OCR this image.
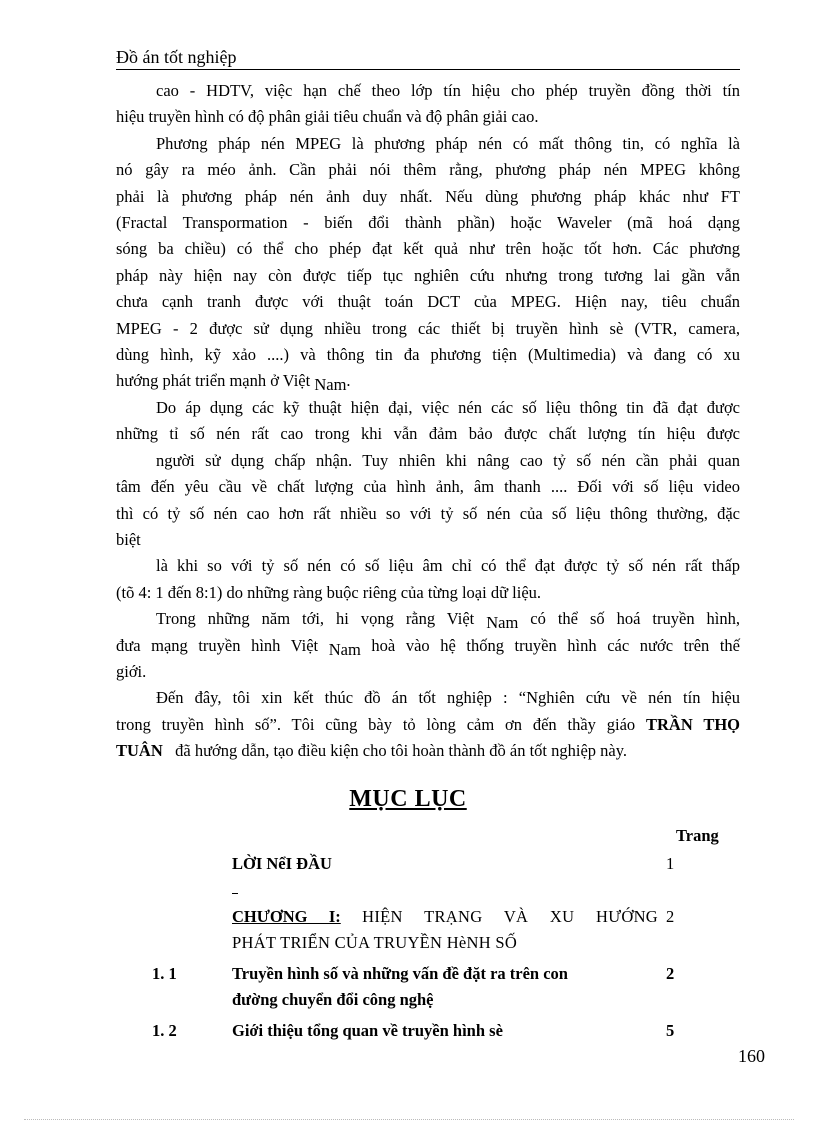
Đồ án tốt nghiệp
cao - HDTV, việc hạn chế theo lớp tín hiệu cho phép truyền đồng thời tín
hiệu truyền hình có độ phân giải tiêu chuẩn và độ phân giải cao.
Phương pháp nén MPEG là phương pháp nén có mất thông tin, có nghĩa là
nó gây ra méo ảnh. Cần phải nói thêm rằng, phương pháp nén MPEG không
phải là phương pháp nén ảnh duy nhất. Nếu dùng phương pháp khác như FT
(Fractal Transpormation - biến đổi thành phần) hoặc Waveler (mã hoá dạng
sóng ba chiều) có thể cho phép đạt kết quả như trên hoặc tốt hơn. Các phương
pháp này hiện nay còn được tiếp tục nghiên cứu nhưng trong tương lai gần vẫn
chưa cạnh tranh được với thuật toán DCT của MPEG. Hiện nay, tiêu chuẩn
MPEG - 2 được sử dụng nhiều trong các thiết bị truyền hình sè (VTR, camera,
dùng hình, kỹ xảo ....) và thông tin đa phương tiện (Multimedia) và đang có xu
hướng phát triển mạnh ở Việt Nam.
Do áp dụng các kỹ thuật hiện đại, việc nén các số liệu thông tin đã đạt được
những tỉ số nén rất cao trong khi vẫn đảm bảo được chất lượng tín hiệu được
người sử dụng chấp nhận. Tuy nhiên khi nâng cao tỷ số nén cần phải quan
tâm đến yêu cầu về chất lượng của hình ảnh, âm thanh .... Đối với số liệu video
thì có tỷ số nén cao hơn rất nhiều so với tỷ số nén của số liệu thông thường, đặc
biệt
là khi so với tỷ số nén có số liệu âm chỉ có thể đạt được tỷ số nén rất thấp
(tõ 4: 1 đến 8:1) do những ràng buộc riêng của từng loại dữ liệu.
Trong những năm tới, hi vọng rằng Việt Nam có thể số hoá truyền hình,
đưa mạng truyền hình Việt Nam hoà vào hệ thống truyền hình các nước trên thế
giới.
Đến đây, tôi xin kết thúc đồ án tốt nghiệp : “Nghiên cứu về nén tín hiệu
trong truyền hình số”. Tôi cũng bày tỏ lòng cảm ơn đến thầy giáo TRẦN THỌ
TUÂN đã hướng dẫn, tạo điều kiện cho tôi hoàn thành đồ án tốt nghiệp này.
MỤC LỤC
Trang
LỜI NểI ĐẦU	1
CHƯƠNG I: HIỆN TRẠNG VÀ XU HƯỚNG
PHÁT TRIỂN CỦA TRUYỀN HèNH SỐ
2
1. 1	Truyền hình số và những vấn đề đặt ra trên con
đường chuyển đổi công nghệ
2
1. 2	Giới thiệu tổng quan về truyền hình sè	5
160
